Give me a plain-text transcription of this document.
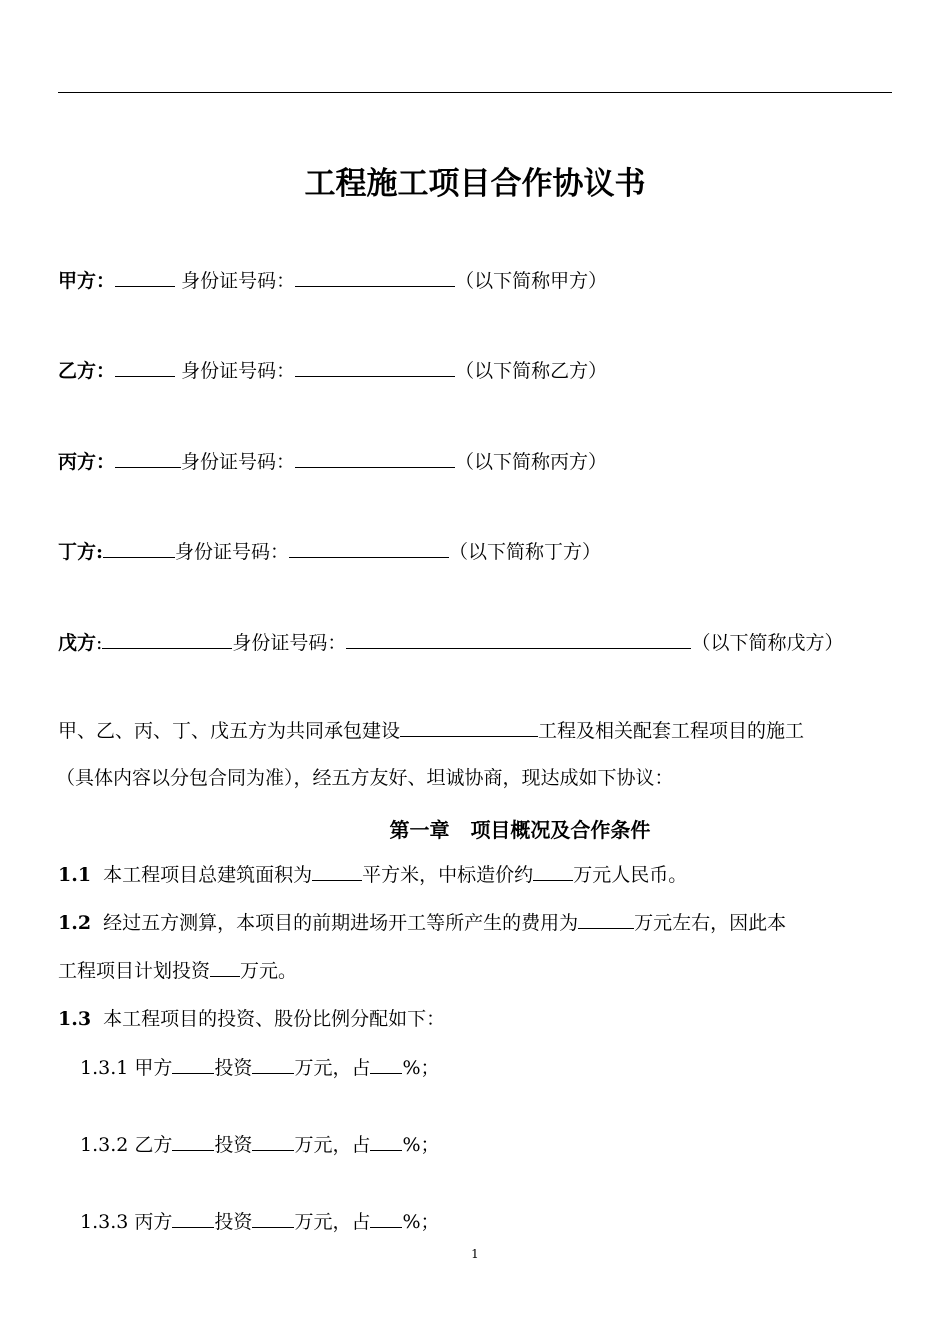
工程施工项目合作协议书
甲方：	身份证号码：	（以下简称甲方）
乙方：	身份证号码：	（以下简称乙方）
丙方：	身份证号码：	（以下简称丙方）
丁方:	身份证号码：	（以下简称丁方）
戊方:	身份证号码：	（以下简称戊方）
甲、乙、丙、丁、戊五方为共同承包建设	工程及相关配套工程项目的施工
（具体内容以分包合同为准），经五方友好、坦诚协商，现达成如下协议：
第一章 项目概况及合作条件
1.1 本工程项目总建筑面积为	平方米，中标造价约 万元人民币。
1.2 经过五方测算，本项目的前期进场开工等所产生的费用为	万元左右，因此本
工程项目计划投资 万元。
1.3 本工程项目的投资、股份比例分配如下：
1.3.1 甲方 投资 万元，占 %；
1.3.2 乙方 投资 万元，占 %；
1.3.3 丙方 投资 万元，占 %；
1
